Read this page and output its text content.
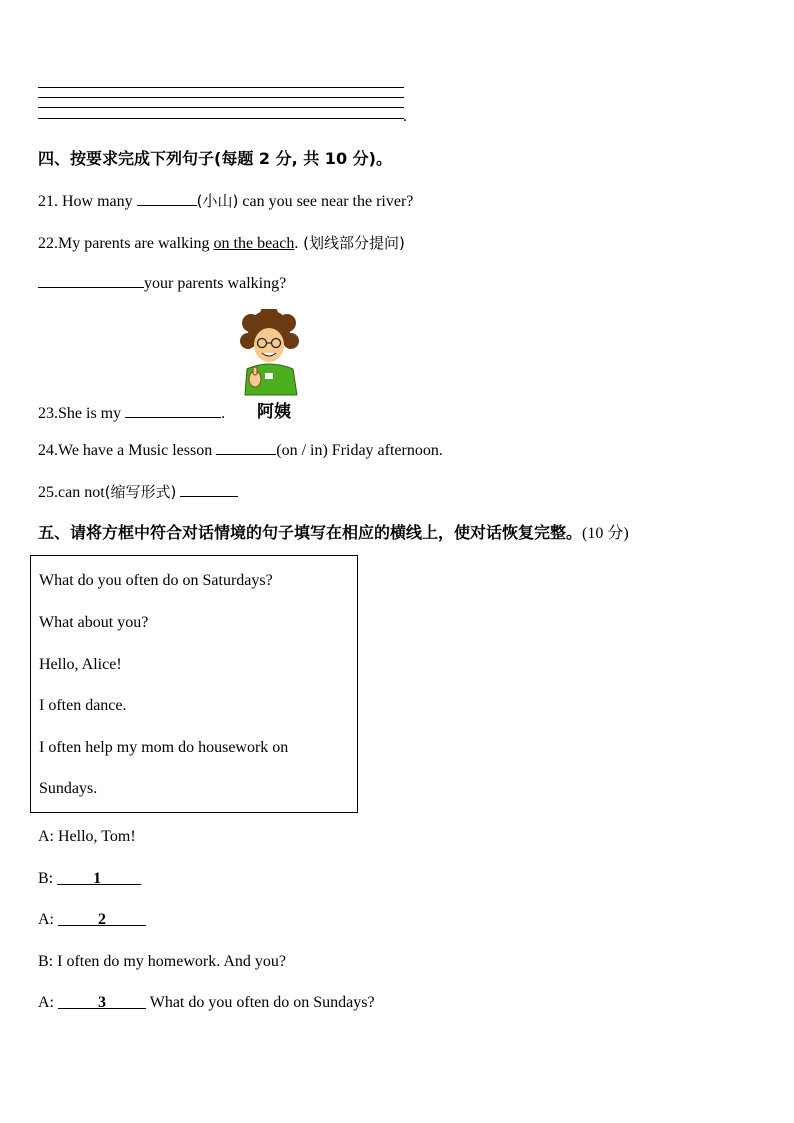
.
四、按要求完成下列句子(每题 2 分, 共 10 分)。
21. How many	(小山) can you see near the river?
22.My parents are walking on the beach. (划线部分提问)
your parents walking?
阿姨
23.She is my	.
24.We have a Music lesson	(on / in) Friday afternoon.
25.can not(缩写形式)
五、请将方框中符合对话情境的句子填写在相应的横线上，使对话恢复完整。(10 分)
What do you often do on Saturdays?
What about you?
Hello, Alice!
I often dance.
I often help my mom do housework on
Sundays.
A: Hello, Tom!
B:          1
A:	2
B: I often do my homework. And you?
A:	3	What do you often do on Sundays?
